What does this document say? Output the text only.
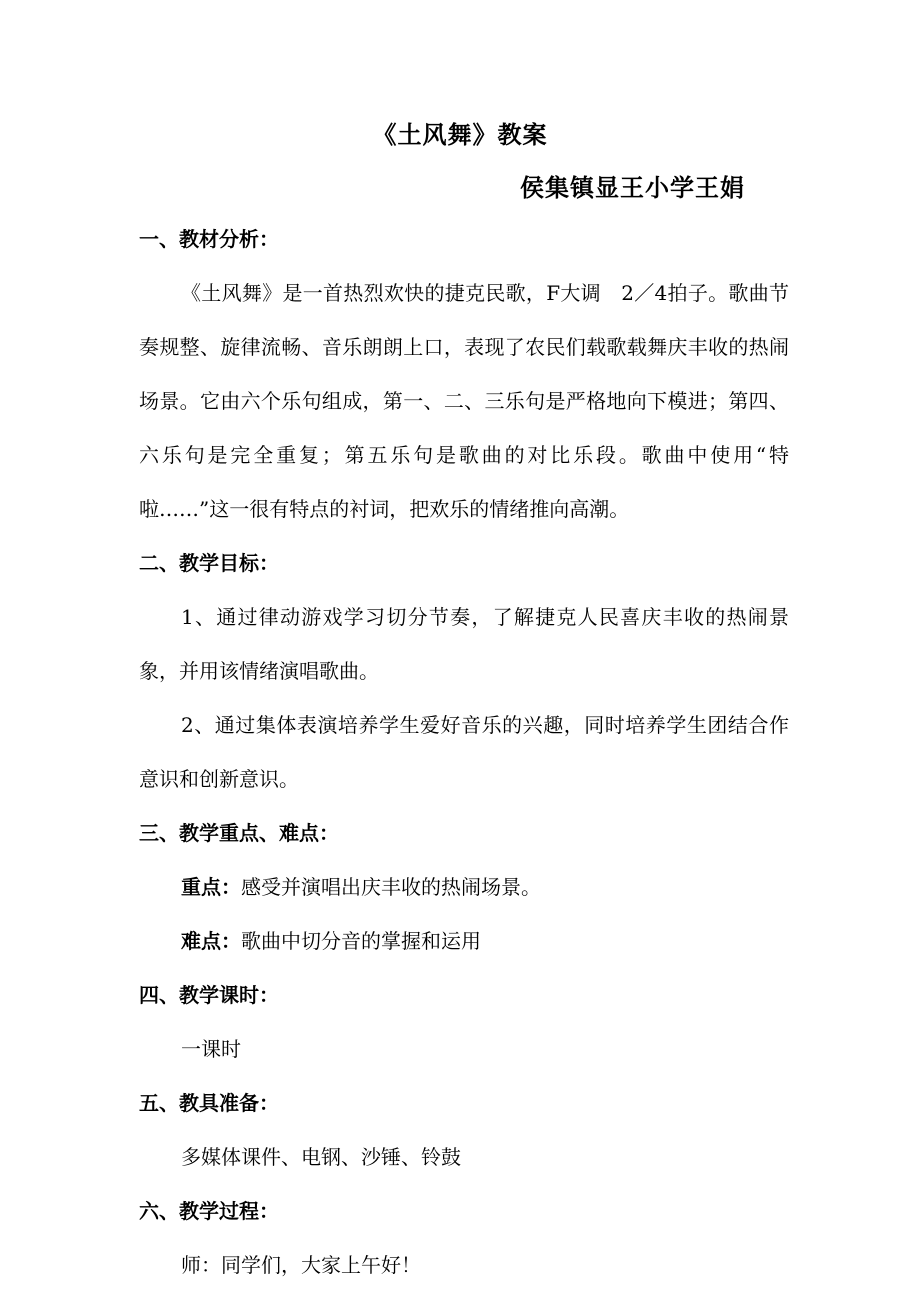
《土风舞》教案
侯集镇显王小学王娟
一、教材分析：

《土风舞》是一首热烈欢快的捷克民歌，F大调　2／4拍子。歌曲节奏规整、旋律流畅、音乐朗朗上口，表现了农民们载歌载舞庆丰收的热闹场景。它由六个乐句组成，第一、二、三乐句是严格地向下模进；第四、六乐句是完全重复；第五乐句是歌曲的对比乐段。歌曲中使用“特啦……”这一很有特点的衬词，把欢乐的情绪推向高潮。

二、教学目标：

1、通过律动游戏学习切分节奏，了解捷克人民喜庆丰收的热闹景象，并用该情绪演唱歌曲。

2、通过集体表演培养学生爱好音乐的兴趣，同时培养学生团结合作意识和创新意识。

三、教学重点、难点：
重点：感受并演唱出庆丰收的热闹场景。
难点：歌曲中切分音的掌握和运用
四、教学课时：
一课时
五、教具准备：
多媒体课件、电钢、沙锤、铃鼓
六、教学过程：
师：同学们，大家上午好！
